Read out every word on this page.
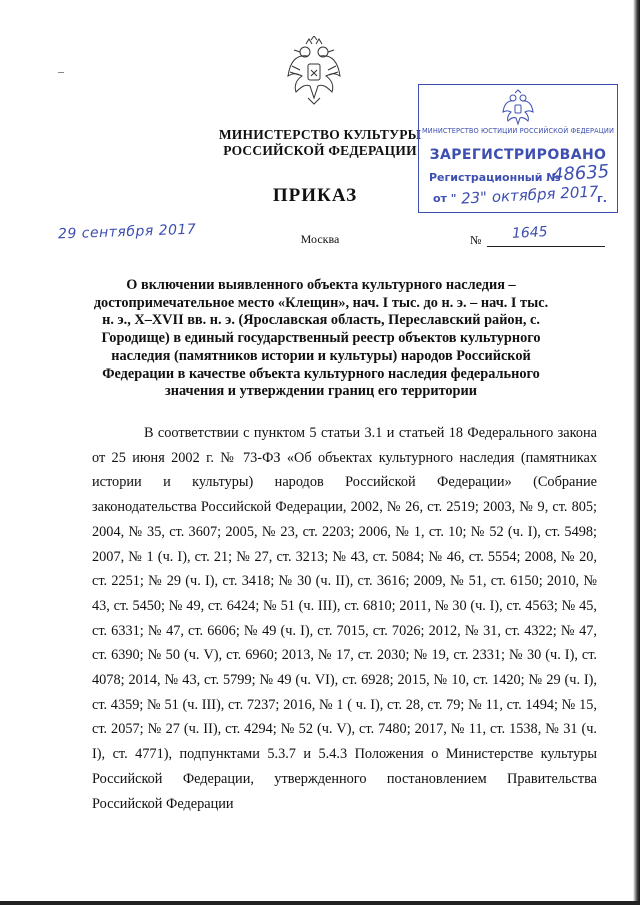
МИНИСТЕРСТВО КУЛЬТУРЫ РОССИЙСКОЙ ФЕДЕРАЦИИ
ПРИКАЗ
29 сентября 2017	Москва	№ 1645
МИНИСТЕРСТВО ЮСТИЦИИ РОССИЙСКОЙ ФЕДЕРАЦИИ
ЗАРЕГИСТРИРОВАНО
Регистрационный №
48635
от " 23" октября 2017
г.
О включении выявленного объекта культурного наследия – достопримечательное место «Клещин», нач. I тыс. до н. э. – нач. I тыс. н. э., X–XVII вв. н. э. (Ярославская область, Переславский район, с. Городище) в единый государственный реестр объектов культурного наследия (памятников истории и культуры) народов Российской Федерации в качестве объекта культурного наследия федерального значения и утверждении границ его территории

В соответствии с пунктом 5 статьи 3.1 и статьей 18 Федерального закона от 25 июня 2002 г. № 73-ФЗ «Об объектах культурного наследия (памятниках истории и культуры) народов Российской Федерации» (Собрание законодательства Российской Федерации, 2002, № 26, ст. 2519; 2003, № 9, ст. 805; 2004, № 35, ст. 3607; 2005, № 23, ст. 2203; 2006, № 1, ст. 10; № 52 (ч. I), ст. 5498; 2007, № 1 (ч. I), ст. 21; № 27, ст. 3213; № 43, ст. 5084; № 46, ст. 5554; 2008, № 20, ст. 2251; № 29 (ч. I), ст. 3418; № 30 (ч. II), ст. 3616; 2009, № 51, ст. 6150; 2010, № 43, ст. 5450; № 49, ст. 6424; № 51 (ч. III), ст. 6810; 2011, № 30 (ч. I), ст. 4563; № 45, ст. 6331; № 47, ст. 6606; № 49 (ч. I), ст. 7015, ст. 7026; 2012, № 31, ст. 4322; № 47, ст. 6390; № 50 (ч. V), ст. 6960; 2013, № 17, ст. 2030; № 19, ст. 2331; № 30 (ч. I), ст. 4078; 2014, № 43, ст. 5799; № 49 (ч. VI), ст. 6928; 2015, № 10, ст. 1420; № 29 (ч. I), ст. 4359; № 51 (ч. III), ст. 7237; 2016, № 1 ( ч. I), ст. 28, ст. 79; № 11, ст. 1494; № 15, ст. 2057; № 27 (ч. II), ст. 4294; № 52 (ч. V), ст. 7480; 2017, № 11, ст. 1538, № 31 (ч. I), ст. 4771), подпунктами 5.3.7 и 5.4.3 Положения о Министерстве культуры Российской Федерации, утвержденного постановлением Правительства Российской Федерации
